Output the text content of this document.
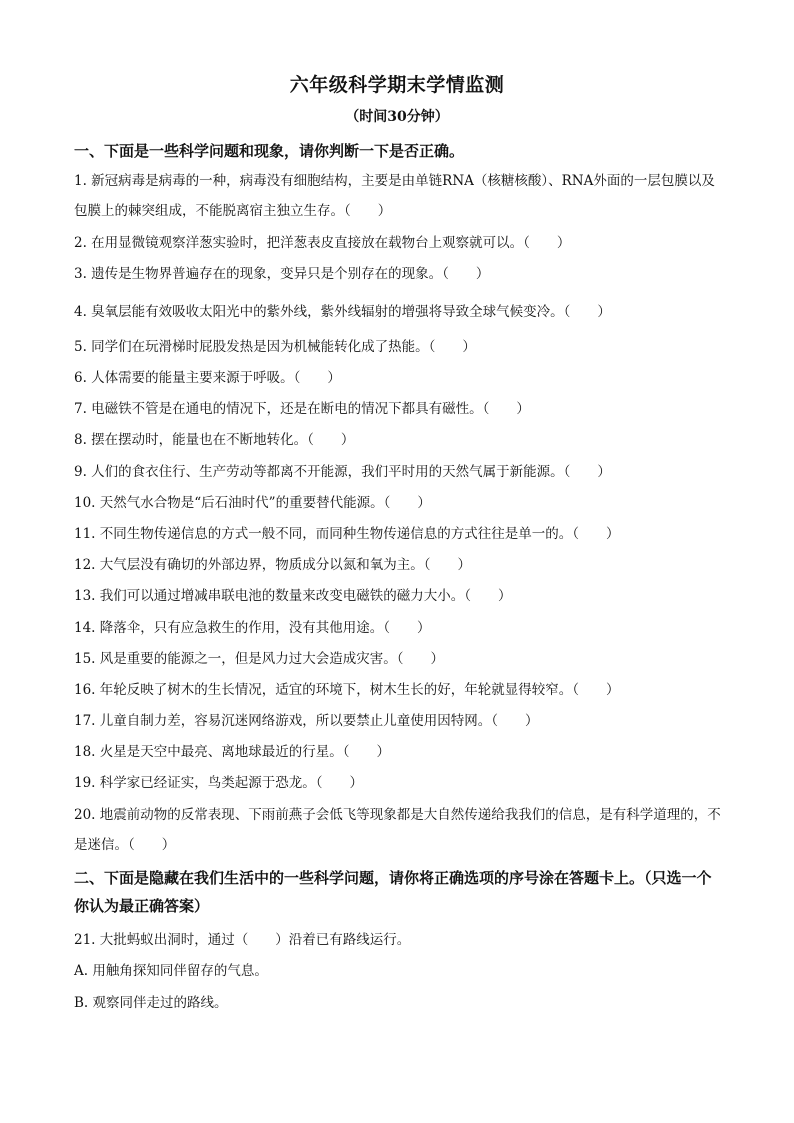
六年级科学期末学情监测
（时间30分钟）
一、下面是一些科学问题和现象，请你判断一下是否正确。
1. 新冠病毒是病毒的一种，病毒没有细胞结构，主要是由单链RNA（核糖核酸）、RNA外面的一层包膜以及包膜上的棘突组成，不能脱离宿主独立生存。（　　）
2. 在用显微镜观察洋葱实验时，把洋葱表皮直接放在载物台上观察就可以。（　　）
3. 遗传是生物界普遍存在的现象，变异只是个别存在的现象。（　　）
4. 臭氧层能有效吸收太阳光中的紫外线，紫外线辐射的增强将导致全球气候变冷。（　　）
5. 同学们在玩滑梯时屁股发热是因为机械能转化成了热能。（　　）
6. 人体需要的能量主要来源于呼吸。（　　）
7. 电磁铁不管是在通电的情况下，还是在断电的情况下都具有磁性。（　　）
8. 摆在摆动时，能量也在不断地转化。（　　）
9. 人们的食衣住行、生产劳动等都离不开能源，我们平时用的天然气属于新能源。（　　）
10. 天然气水合物是“后石油时代”的重要替代能源。（　　）
11. 不同生物传递信息的方式一般不同，而同种生物传递信息的方式往往是单一的。（　　）
12. 大气层没有确切的外部边界，物质成分以氮和氧为主。（　　）
13. 我们可以通过增减串联电池的数量来改变电磁铁的磁力大小。（　　）
14. 降落伞，只有应急救生的作用，没有其他用途。（　　）
15. 风是重要的能源之一，但是风力过大会造成灾害。（　　）
16. 年轮反映了树木的生长情况，适宜的环境下，树木生长的好，年轮就显得较窄。（　　）
17. 儿童自制力差，容易沉迷网络游戏，所以要禁止儿童使用因特网。（　　）
18. 火星是天空中最亮、离地球最近的行星。（　　）
19. 科学家已经证实，鸟类起源于恐龙。（　　）
20. 地震前动物的反常表现、下雨前燕子会低飞等现象都是大自然传递给我我们的信息，是有科学道理的，不是迷信。（　　）
二、下面是隐藏在我们生活中的一些科学问题，请你将正确选项的序号涂在答题卡上。（只选一个你认为最正确答案）
21. 大批蚂蚁出洞时，通过（　　）沿着已有路线运行。
A. 用触角探知同伴留存的气息。
B. 观察同伴走过的路线。
